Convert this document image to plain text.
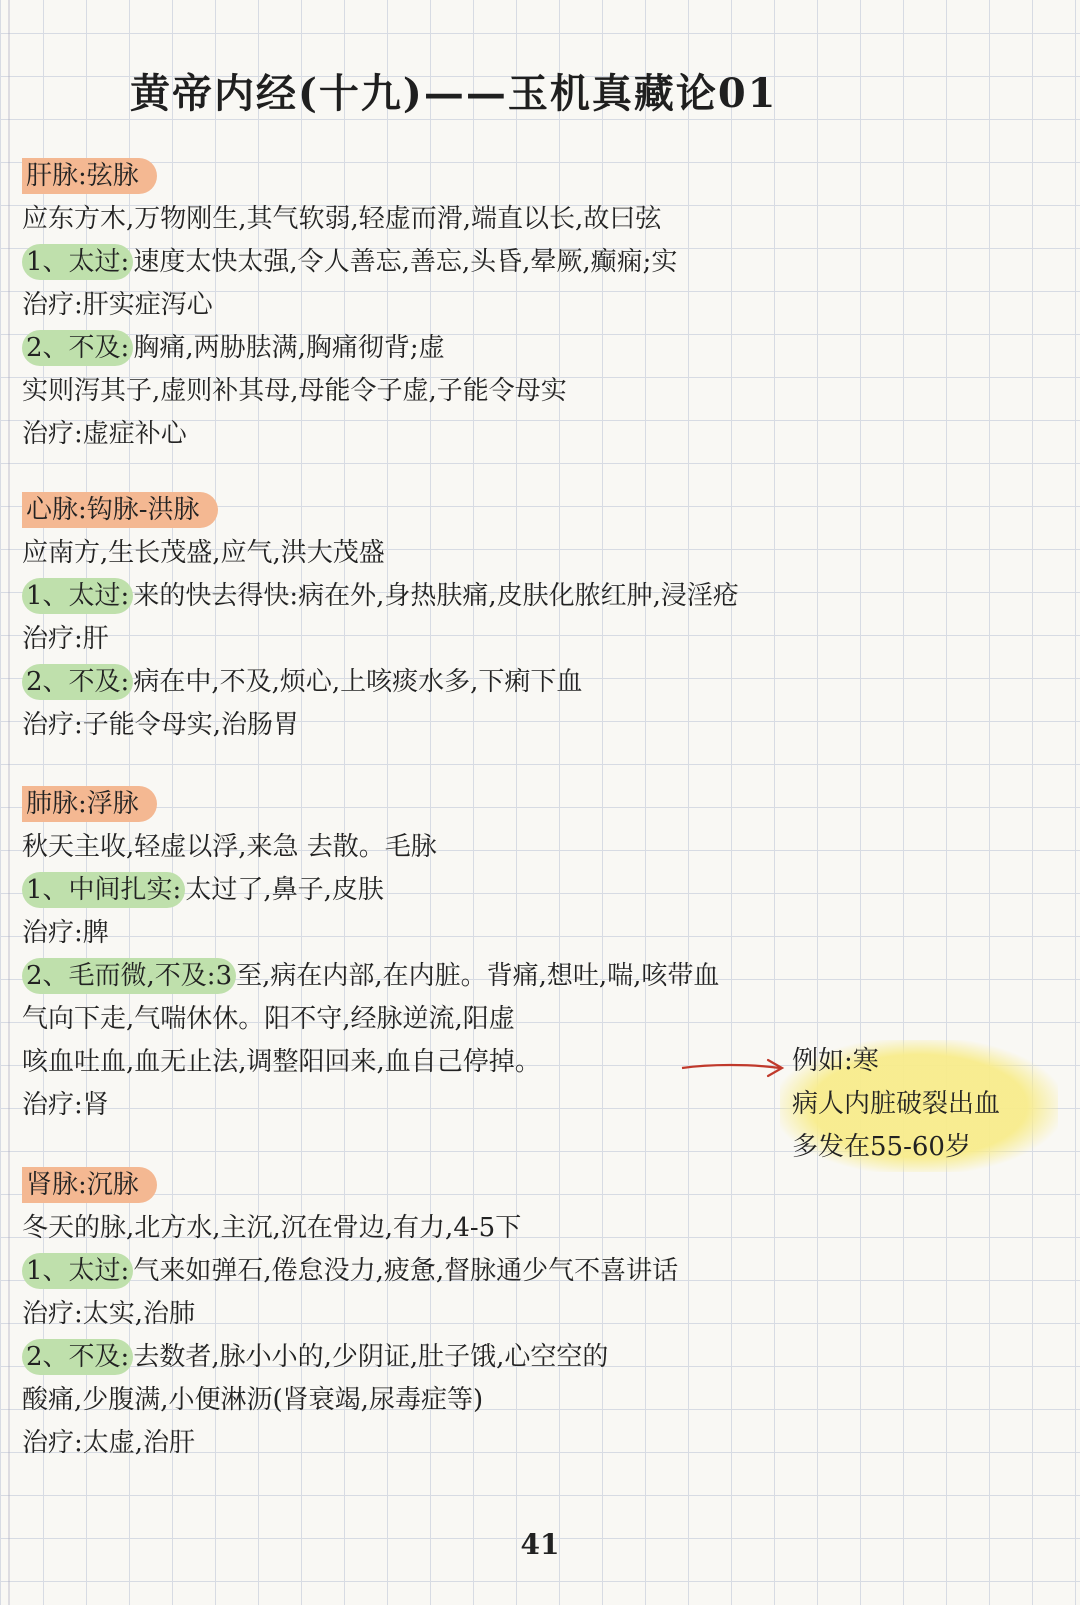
黄帝内经(十九)——玉机真藏论01
肝脉:弦脉
应东方木,万物刚生,其气软弱,轻虚而滑,端直以长,故曰弦
1、太过: 速度太快太强,令人善忘,善忘,头昏,晕厥,癫痫;实
治疗:肝实症泻心
2、不及: 胸痛,两胁胠满,胸痛彻背;虚
实则泻其子,虚则补其母,母能令子虚,子能令母实
治疗:虚症补心
心脉:钩脉-洪脉
应南方,生长茂盛,应气,洪大茂盛
1、太过: 来的快去得快:病在外,身热肤痛,皮肤化脓红肿,浸淫疮
治疗:肝
2、不及: 病在中,不及,烦心,上咳痰水多,下痢下血
治疗:子能令母实,治肠胃
肺脉:浮脉
秋天主收,轻虚以浮,来急 去散。毛脉
1、中间扎实: 太过了,鼻子,皮肤
治疗:脾
2、毛而微,不及:3 至,病在内部,在内脏。背痛,想吐,喘,咳带血
气向下走,气喘休休。阳不守,经脉逆流,阳虚
咳血吐血,血无止法,调整阳回来,血自己停掉。
治疗:肾
例如:寒
病人内脏破裂出血
多发在55-60岁
肾脉:沉脉
冬天的脉,北方水,主沉,沉在骨边,有力,4-5下
1、太过: 气来如弹石,倦怠没力,疲惫,督脉通少气不喜讲话
治疗:太实,治肺
2、不及: 去数者,脉小小的,少阴证,肚子饿,心空空的
酸痛,少腹满,小便淋沥(肾衰竭,尿毒症等)
治疗:太虚,治肝
41
